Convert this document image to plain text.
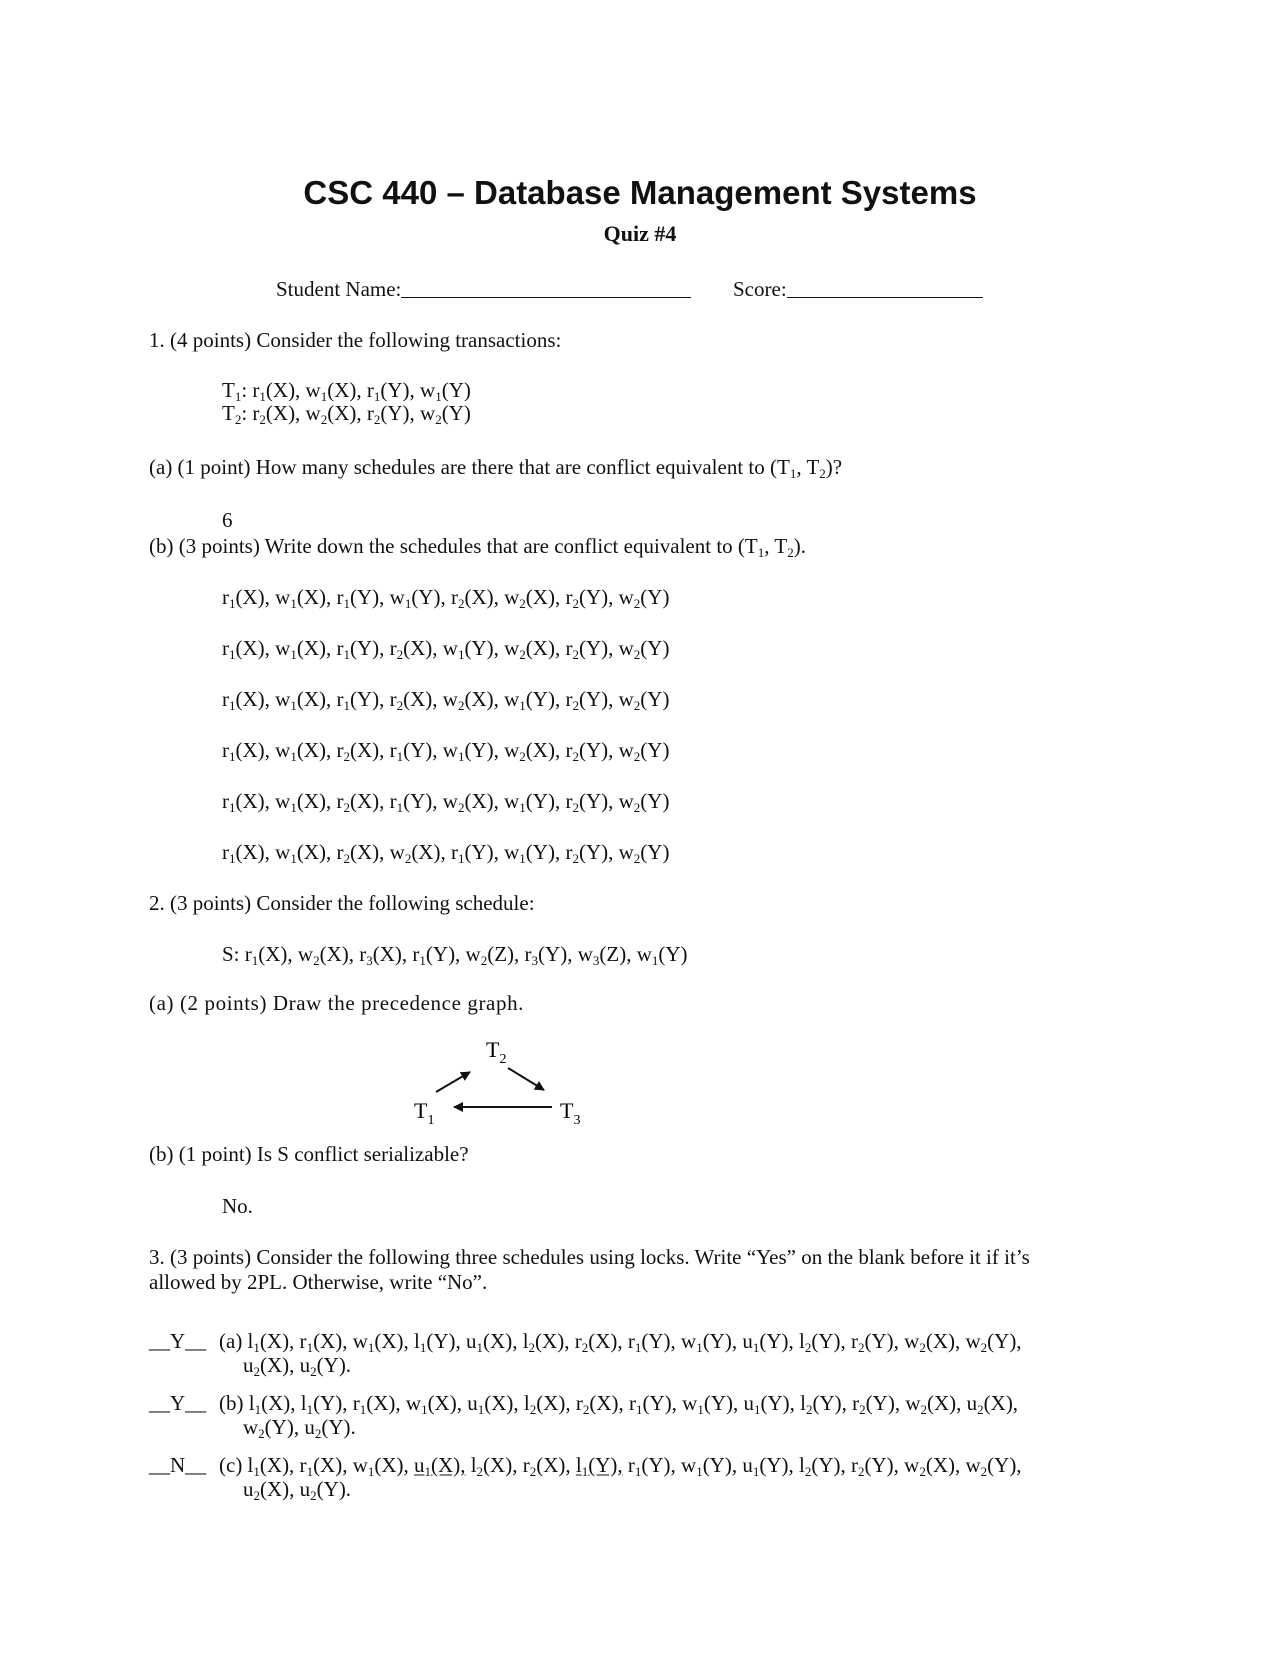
CSC 440 – Database Management Systems
Quiz #4
Student Name:	Score:
1. (4 points) Consider the following transactions:
$T_1$: $r_1(X)$, $w_1(X)$, $r_1(Y)$, $w_1(Y)$
$T_2$: $r_2(X)$, $w_2(X)$, $r_2(Y)$, $w_2(Y)$
(a) (1 point) How many schedules are there that are conflict equivalent to ($T_1$, $T_2$)?
6
(b) (3 points) Write down the schedules that are conflict equivalent to ($T_1$, $T_2$).
$r_1(X)$, $w_1(X)$, $r_1(Y)$, $w_1(Y)$, $r_2(X)$, $w_2(X)$, $r_2(Y)$, $w_2(Y)$
$r_1(X)$, $w_1(X)$, $r_1(Y)$, $r_2(X)$, $w_1(Y)$, $w_2(X)$, $r_2(Y)$, $w_2(Y)$
$r_1(X)$, $w_1(X)$, $r_1(Y)$, $r_2(X)$, $w_2(X)$, $w_1(Y)$, $r_2(Y)$, $w_2(Y)$
$r_1(X)$, $w_1(X)$, $r_2(X)$, $r_1(Y)$, $w_1(Y)$, $w_2(X)$, $r_2(Y)$, $w_2(Y)$
$r_1(X)$, $w_1(X)$, $r_2(X)$, $r_1(Y)$, $w_2(X)$, $w_1(Y)$, $r_2(Y)$, $w_2(Y)$
$r_1(X)$, $w_1(X)$, $r_2(X)$, $w_2(X)$, $r_1(Y)$, $w_1(Y)$, $r_2(Y)$, $w_2(Y)$
2. (3 points) Consider the following schedule:
S: $r_1(X)$, $w_2(X)$, $r_3(X)$, $r_1(Y)$, $w_2(Z)$, $r_3(Y)$, $w_3(Z)$, $w_1(Y)$
(a) (2 points) Draw the precedence graph.
$T_2$
$T_1$	$T_3$
(b) (1 point) Is S conflict serializable?
No.
3. (3 points) Consider the following three schedules using locks. Write “Yes” on the blank before it if it’s
allowed by 2PL. Otherwise, write “No”.
__Y__ (a) $l_1(X)$, $r_1(X)$, $w_1(X)$, $l_1(Y)$, $u_1(X)$, $l_2(X)$, $r_2(X)$, $r_1(Y)$, $w_1(Y)$, $u_1(Y)$, $l_2(Y)$, $r_2(Y)$, $w_2(X)$, $w_2(Y)$,
$u_2(X)$, $u_2(Y)$.
__Y__ (b) $l_1(X)$, $l_1(Y)$, $r_1(X)$, $w_1(X)$, $u_1(X)$, $l_2(X)$, $r_2(X)$, $r_1(Y)$, $w_1(Y)$, $u_1(Y)$, $l_2(Y)$, $r_2(Y)$, $w_2(X)$, $u_2(X)$,
$w_2(Y)$, $u_2(Y)$.
__N__ (c) $l_1(X)$, $r_1(X)$, $w_1(X)$, $u_1(X)$, $l_2(X)$, $r_2(X)$, $l_1(Y)$, $r_1(Y)$, $w_1(Y)$, $u_1(Y)$, $l_2(Y)$, $r_2(Y)$, $w_2(X)$, $w_2(Y)$,
$u_2(X)$, $u_2(Y)$.
